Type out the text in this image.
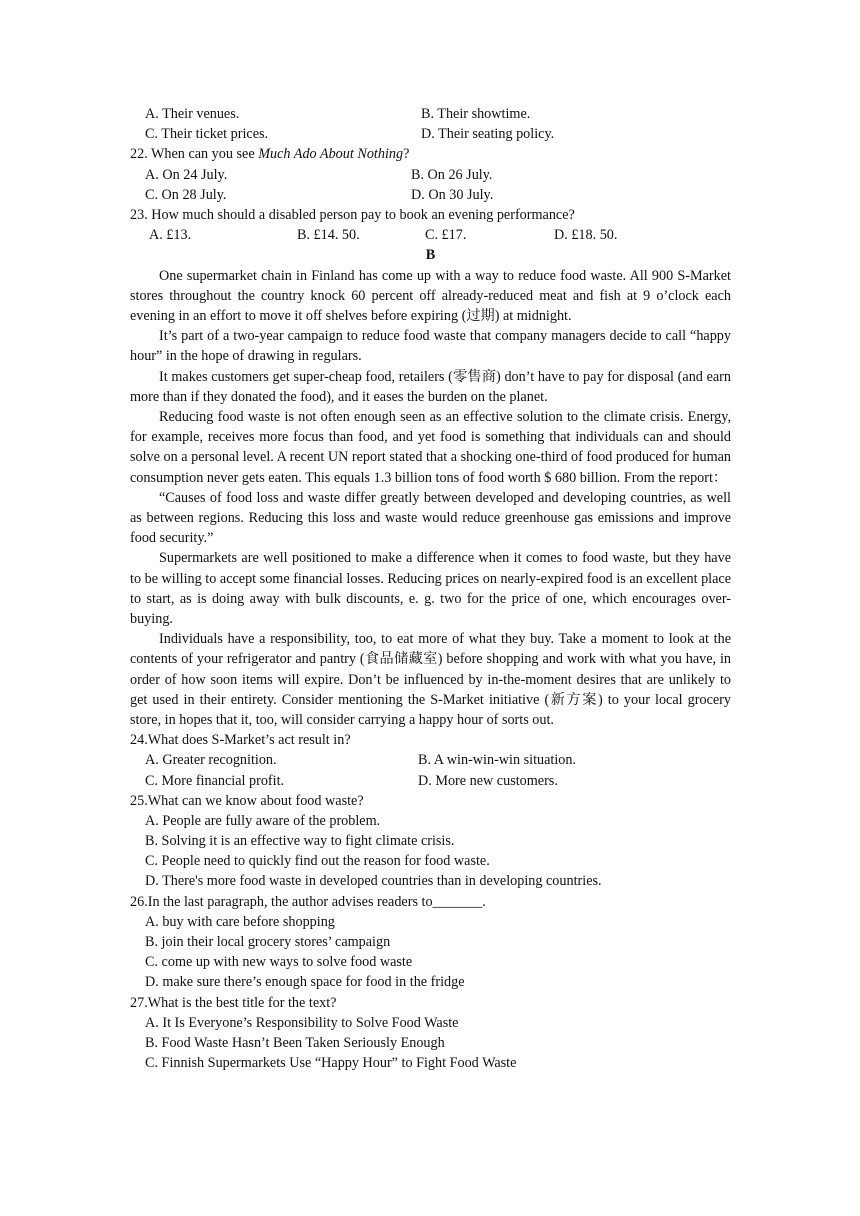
A. Their venues.	B. Their showtime.
C. Their ticket prices.	D. Their seating policy.
22. When can you see Much Ado About Nothing?
A. On 24 July.	B. On 26 July.
C. On 28 July.	D. On 30 July.
23. How much should a disabled person pay to book an evening performance?
A. £13.	B. £14. 50.	C. £17.	D. £18. 50.
B

One supermarket chain in Finland has come up with a way to reduce food waste. All 900 S-Market stores throughout the country knock 60 percent off already-reduced meat and fish at 9 o’clock each evening in an effort to move it off shelves before expiring (过期) at midnight.

It’s part of a two-year campaign to reduce food waste that company managers decide to call “happy hour” in the hope of drawing in regulars.

It makes customers get super-cheap food, retailers (零售商) don’t have to pay for disposal (and earn more than if they donated the food), and it eases the burden on the planet.

Reducing food waste is not often enough seen as an effective solution to the climate crisis. Energy, for example, receives more focus than food, and yet food is something that individuals can and should solve on a personal level. A recent UN report stated that a shocking one-third of food produced for human consumption never gets eaten. This equals 1.3 billion tons of food worth $ 680 billion. From the report：

“Causes of food loss and waste differ greatly between developed and developing countries, as well as between regions. Reducing this loss and waste would reduce greenhouse gas emissions and improve food security.”

Supermarkets are well positioned to make a difference when it comes to food waste, but they have to be willing to accept some financial losses. Reducing prices on nearly-expired food is an excellent place to start, as is doing away with bulk discounts, e. g. two for the price of one, which encourages over-buying.

Individuals have a responsibility, too, to eat more of what they buy. Take a moment to look at the contents of your refrigerator and pantry (食品储藏室) before shopping and work with what you have, in order of how soon items will expire. Don’t be influenced by in-the-moment desires that are unlikely to get used in their entirety. Consider mentioning the S-Market initiative (新方案) to your local grocery store, in hopes that it, too, will consider carrying a happy hour of sorts out.

24.What does S-Market’s act result in?
A. Greater recognition.	B. A win-win-win situation.
C. More financial profit.	D. More new customers.
25.What can we know about food waste?
A. People are fully aware of the problem.
B. Solving it is an effective way to fight climate crisis.
C. People need to quickly find out the reason for food waste.
D. There's more food waste in developed countries than in developing countries.
26.In the last paragraph, the author advises readers to_______.
A. buy with care before shopping
B. join their local grocery stores’ campaign
C. come up with new ways to solve food waste
D. make sure there’s enough space for food in the fridge
27.What is the best title for the text?
A. It Is Everyone’s Responsibility to Solve Food Waste
B. Food Waste Hasn’t Been Taken Seriously Enough
C. Finnish Supermarkets Use “Happy Hour” to Fight Food Waste
